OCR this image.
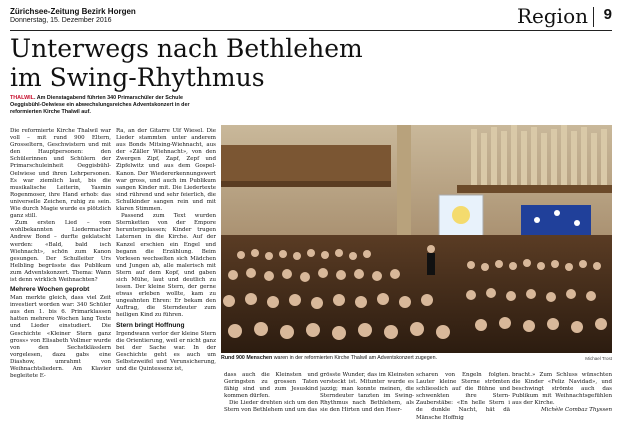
Zürichsee-Zeitung Bezirk Horgen
Donnerstag, 15. Dezember 2016	Region 9
Unterwegs nach Bethlehem
im Swing-Rhythmus
THALWIL. Am Dienstagabend führten 340 Primarschüler der Schule Oeggisbühl-Oelwiese ein abwechslungsreiches Adventskonzert in der reformierten Kirche Thalwil auf.

Die reformierte Kirche Thalwil war voll – mit rund 900 Eltern, Grosseltern, Geschwistern und mit den Hauptpersonen: den Schülerinnen und Schülern der Primarschuleinheit Oeggisbühl-Oelwiese und ihren Lehrpersonen. Es war ziemlich laut, bis die musikalische Leiterin, Yasmin Rogenmoser, ihre Hand erhob: das universelle Zeichen, ruhig zu sein. Wie durch Magie wurde es plötzlich ganz still.

Zum ersten Lied – vom wohlbekannten Liedermacher Andrew Bond – durfte geklatscht werden: «Bald, bald isch Wiehnacht», schön zum Kanon gesungen. Der Schulleiter Urs Helbling begrüsste das Publikum zum Adventskonzert. Thema: Wann ist denn wirklich Weihnachten?

Mehrere Wochen geprobt

Man merkte gleich, dass viel Zeit investiert worden war: 340 Schüler aus den 1. bis 6. Primarklassen hatten mehrere Wochen lang Texte und Lieder einstudiert. Die Geschichte «Kleiner Stern ganz gross» von Elisabeth Vollmer wurde von den Sechstklässlern vorgelesen, dazu gabs eine Diashow, umrahmt von Weihnachtsliedern. Am Klavier begleitete E-

Ra, an der Gitarre Ulf Wiesel. Die Lieder stammten unter anderem aus Bonds Mitsing-Wiehnacht, aus der «Zäller Wiehnacht», von den Zwergen Zipf, Zapf, Zepf und Zipfelwitz und aus dem Gospel-Kanon. Der Wiedererkennungswert war gross, und auch im Publikum sangen Kinder mit. Die Liedertexte sind rührend und sehr feierlich, die Schulkinder sangen rein und mit klaren Stimmen.

Passend zum Text wurden Sternketten von der Empore heruntergelassen; Kinder trugen Laternen in die Kirche. Auf der Kanzel erschien ein Engel und begann die Erzählung. Beim Vorlesen wechselten sich Mädchen und Jungen ab, alle malerisch mit Stern auf dem Kopf, und gaben sich Mühe, laut und deutlich zu lesen. Der kleine Stern, der gerne etwas erleben wollte, kam zu ungeahnten Ehren: Er bekam den Auftrag, die Sterndeuter zum heiligen Kind zu führen.

Stern bringt Hoffnung

Irgendwann verlor der kleine Stern die Orientierung, weil er nicht ganz bei der Sache war. In der Geschichte geht es auch um Selbstzweifel und Verunsicherung, und die Quintessenz ist,

Rund 900 Menschen waren in der reformierten Kirche Thalwil am Adventskonzert zugegen.	Michael Trost

dass auch die Kleinsten und Geringsten zu grossen Taten fähig sind und zum Jesuskind kommen dürfen.

Die Lieder drehten sich um den Stern von Bethlehem und um das

grösste Wunder, das im Kleinsten versteckt ist. Mitunter wurde es jazzig; man konnte meinen, die Sterndeuter tanzten im Swing-Rhythmus nach Bethlehem, als sie den Hirten und den Heer-

scharen von Engeln folgten. Lauter kleine Sterne strömten schliesslich auf die Bühne und schwenkten ihre Stern-Zauberstäbe: «En helle Stern i de dunkle Nacht, hät dä Mänsche Hoffnig

bracht.» Zum Schluss wünschten die Kinder «Feliz Navidad», und beschwingt strömte auch das Publikum mit Weihnachtsgefühlen aus der Kirche.

Michèle Combaz Thyssen
